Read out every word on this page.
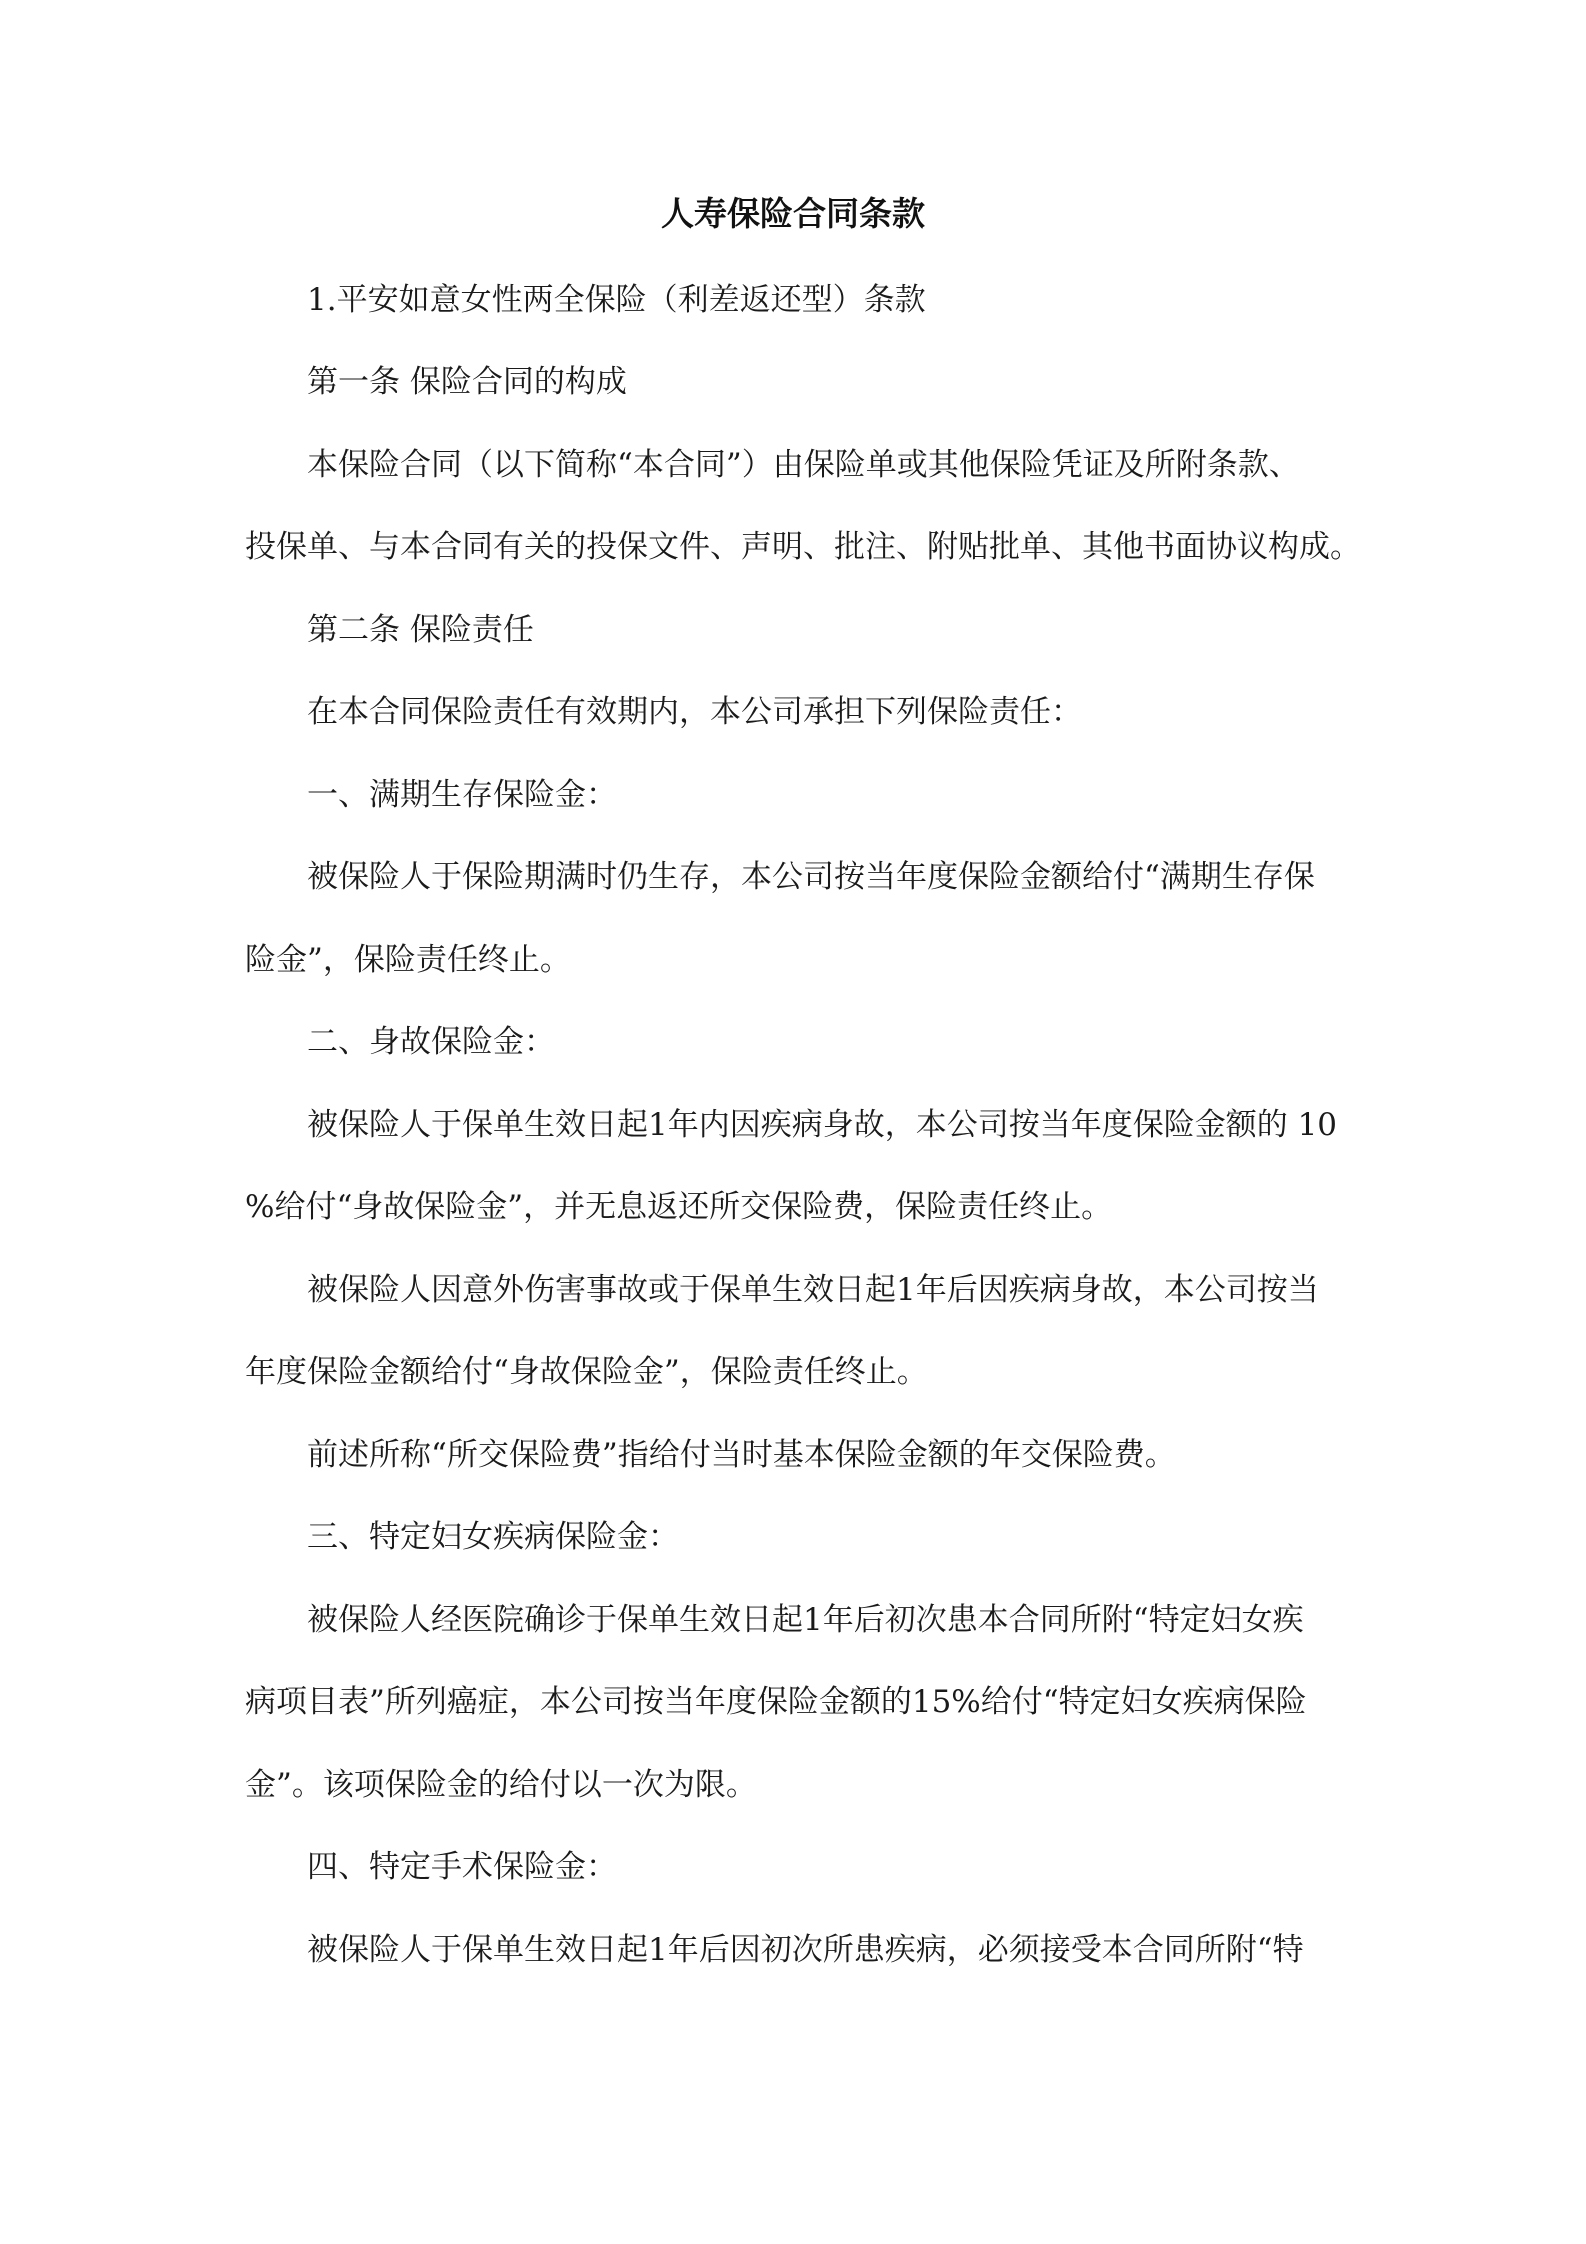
人寿保险合同条款
1.平安如意女性两全保险（利差返还型）条款
第一条 保险合同的构成
本保险合同（以下简称“本合同”）由保险单或其他保险凭证及所附条款、
投保单、与本合同有关的投保文件、声明、批注、附贴批单、其他书面协议构成。
第二条 保险责任
在本合同保险责任有效期内，本公司承担下列保险责任：
一、满期生存保险金：
被保险人于保险期满时仍生存，本公司按当年度保险金额给付“满期生存保
险金”，保险责任终止。
二、身故保险金：
被保险人于保单生效日起1年内因疾病身故，本公司按当年度保险金额的 10
%给付“身故保险金”，并无息返还所交保险费，保险责任终止。
被保险人因意外伤害事故或于保单生效日起1年后因疾病身故，本公司按当
年度保险金额给付“身故保险金”，保险责任终止。
前述所称“所交保险费”指给付当时基本保险金额的年交保险费。
三、特定妇女疾病保险金：
被保险人经医院确诊于保单生效日起1年后初次患本合同所附“特定妇女疾
病项目表”所列癌症，本公司按当年度保险金额的15%给付“特定妇女疾病保险
金”。该项保险金的给付以一次为限。
四、特定手术保险金：
被保险人于保单生效日起1年后因初次所患疾病，必须接受本合同所附“特
